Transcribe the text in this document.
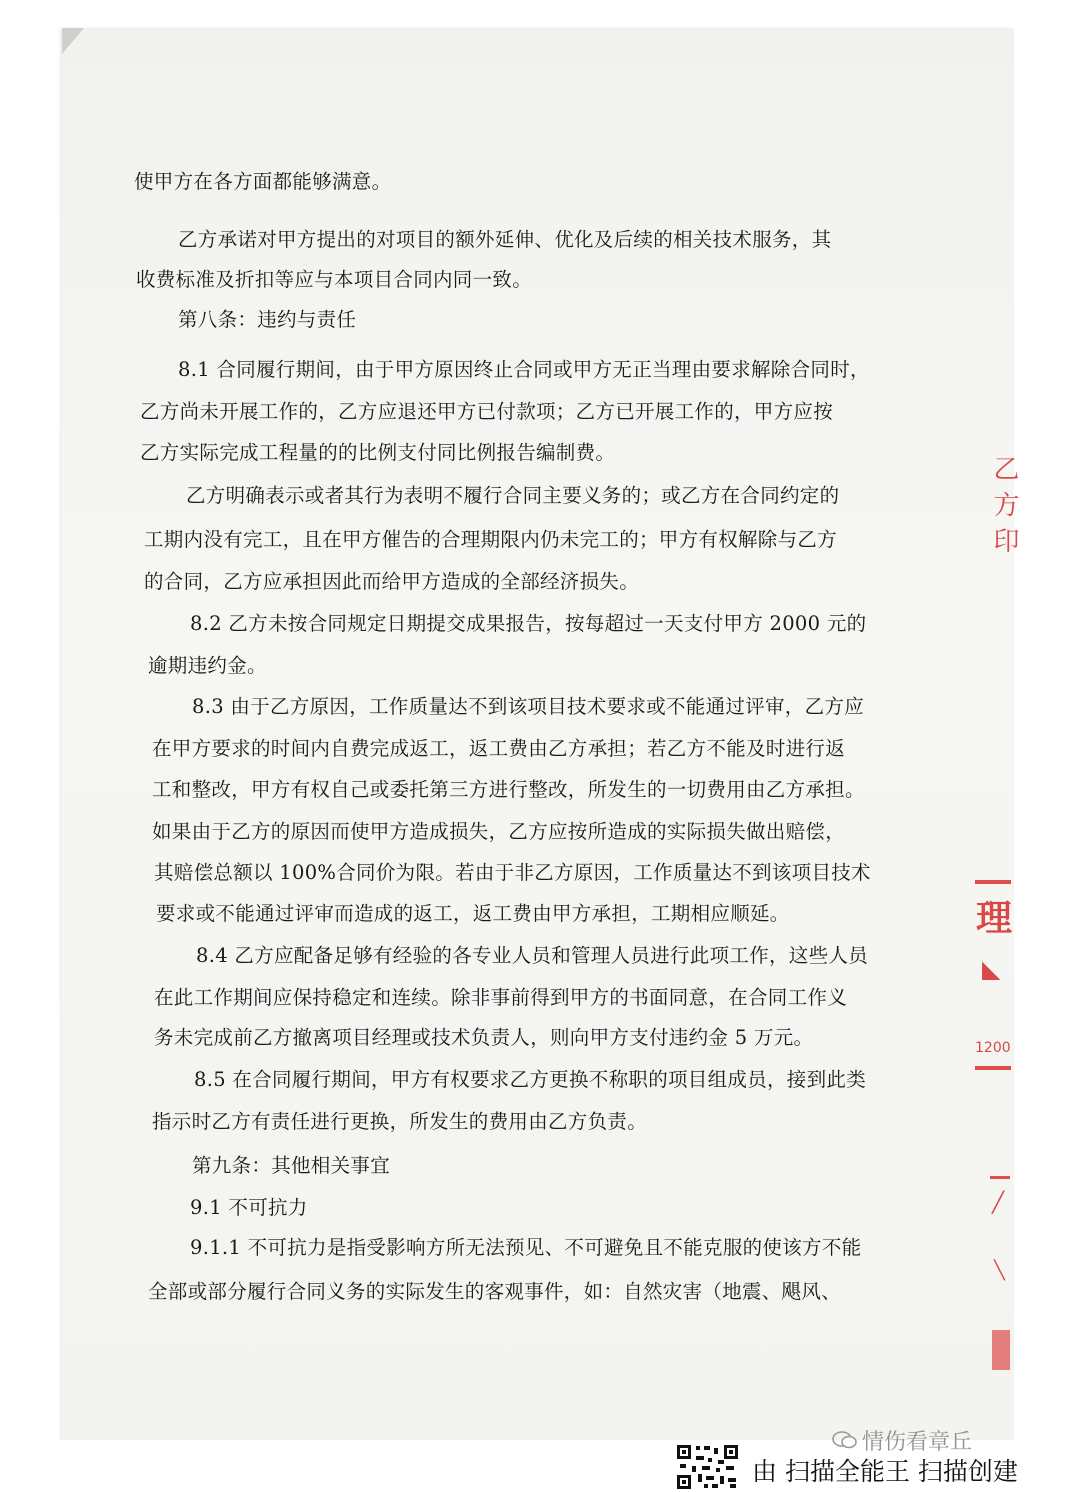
使甲方在各方面都能够满意。
乙方承诺对甲方提出的对项目的额外延伸、优化及后续的相关技术服务，其
收费标准及折扣等应与本项目合同内同一致。
第八条：违约与责任
8.1 合同履行期间，由于甲方原因终止合同或甲方无正当理由要求解除合同时，
乙方尚未开展工作的，乙方应退还甲方已付款项；乙方已开展工作的，甲方应按
乙方实际完成工程量的的比例支付同比例报告编制费。
乙方明确表示或者其行为表明不履行合同主要义务的；或乙方在合同约定的
工期内没有完工，且在甲方催告的合理期限内仍未完工的；甲方有权解除与乙方
的合同，乙方应承担因此而给甲方造成的全部经济损失。
8.2 乙方未按合同规定日期提交成果报告，按每超过一天支付甲方 2000 元的
逾期违约金。
8.3 由于乙方原因，工作质量达不到该项目技术要求或不能通过评审，乙方应
在甲方要求的时间内自费完成返工，返工费由乙方承担；若乙方不能及时进行返
工和整改，甲方有权自己或委托第三方进行整改，所发生的一切费用由乙方承担。
如果由于乙方的原因而使甲方造成损失，乙方应按所造成的实际损失做出赔偿，
其赔偿总额以 100%合同价为限。若由于非乙方原因，工作质量达不到该项目技术
要求或不能通过评审而造成的返工，返工费由甲方承担，工期相应顺延。
8.4 乙方应配备足够有经验的各专业人员和管理人员进行此项工作，这些人员
在此工作期间应保持稳定和连续。除非事前得到甲方的书面同意，在合同工作义
务未完成前乙方撤离项目经理或技术负责人，则向甲方支付违约金 5 万元。
8.5 在合同履行期间，甲方有权要求乙方更换不称职的项目组成员，接到此类
指示时乙方有责任进行更换，所发生的费用由乙方负责。
第九条：其他相关事宜
9.1 不可抗力
9.1.1 不可抗力是指受影响方所无法预见、不可避免且不能克服的使该方不能
全部或部分履行合同义务的实际发生的客观事件，如：自然灾害（地震、飓风、
乙方印
理
◣
1200
╱
╲
由 扫描全能王 扫描创建
情伤看章丘
